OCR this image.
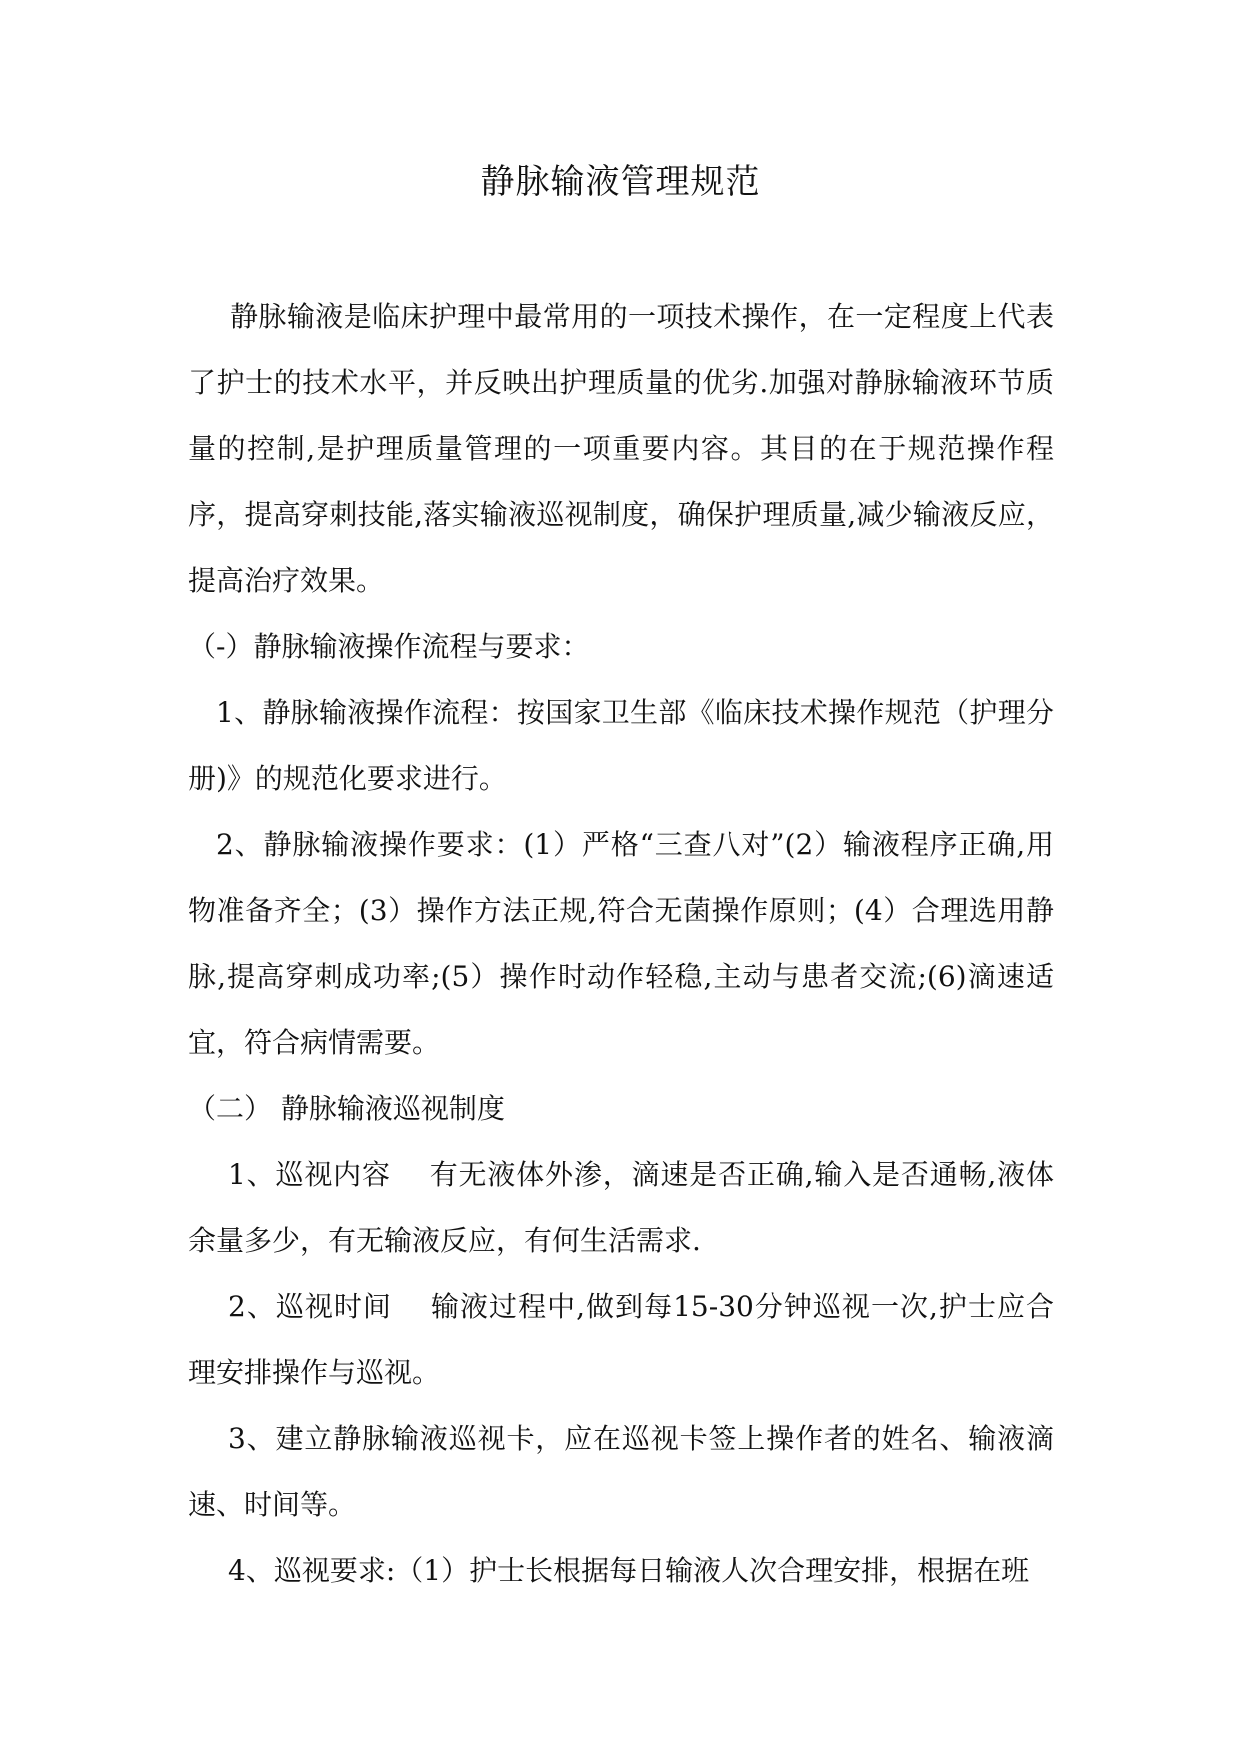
静脉输液管理规范

静脉输液是临床护理中最常用的一项技术操作，在一定程度上代表了护士的技术水平，并反映出护理质量的优劣.加强对静脉输液环节质量的控制,是护理质量管理的一项重要内容。其目的在于规范操作程序，提高穿刺技能,落实输液巡视制度，确保护理质量,减少输液反应，提高治疗效果。

（-）静脉输液操作流程与要求：

1、静脉输液操作流程：按国家卫生部《临床技术操作规范（护理分册)》的规范化要求进行。

2、静脉输液操作要求：(1）严格“三查八对”(2）输液程序正确,用物准备齐全；(3）操作方法正规,符合无菌操作原则；(4）合理选用静脉,提高穿刺成功率;(5）操作时动作轻稳,主动与患者交流;(6)滴速适宜，符合病情需要。

（二） 静脉输液巡视制度

1、巡视内容 有无液体外渗，滴速是否正确,输入是否通畅,液体余量多少，有无输液反应，有何生活需求.

2、巡视时间 输液过程中,做到每15-30分钟巡视一次,护士应合理安排操作与巡视。

3、建立静脉输液巡视卡，应在巡视卡签上操作者的姓名、输液滴速、时间等。

4、巡视要求:（1）护士长根据每日输液人次合理安排，根据在班
